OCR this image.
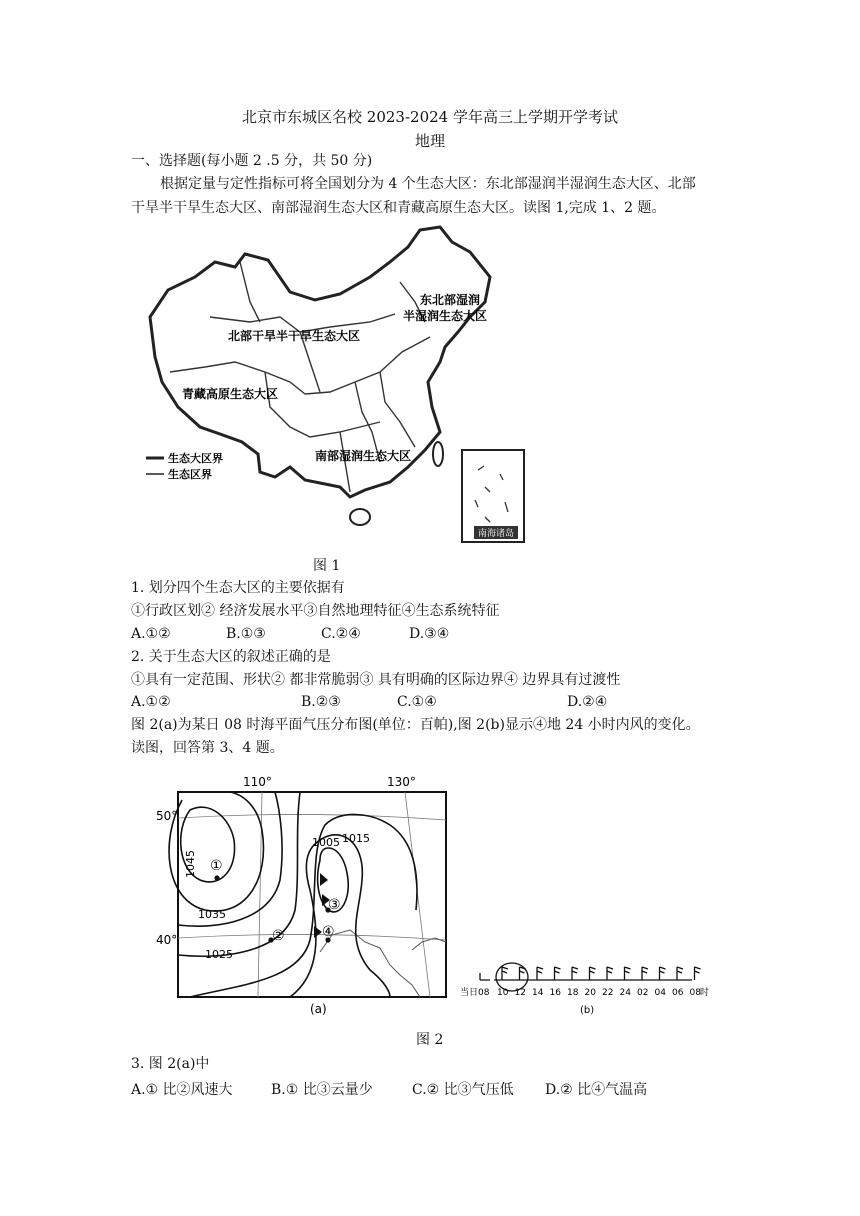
北京市东城区名校 2023-2024 学年高三上学期开学考试
地理
一、选择题(每小题 2 .5 分，共 50 分)
根据定量与定性指标可将全国划分为 4 个生态大区：东北部湿润半湿润生态大区、北部
干旱半干旱生态大区、南部湿润生态大区和青藏高原生态大区。读图 1,完成 1、2 题。
东北部湿润
半湿润生态大区
北部干旱半干旱生态大区
青藏高原生态大区
南部湿润生态大区
生态大区界
生态区界
南海诸岛
图 1
1. 划分四个生态大区的主要依据有
①行政区划② 经济发展水平③自然地理特征④生态系统特征
A.①②	B.①③	C.②④	D.③④
2. 关于生态大区的叙述正确的是
①具有一定范围、形状② 都非常脆弱③ 具有明确的区际边界④ 边界具有过渡性
A.①②	B.②③	C.①④	D.②④
图 2(a)为某日 08 时海平面气压分布图(单位：百帕),图 2(b)显示④地 24 小时内风的变化。
读图，回答第 3、4 题。
110°	130°
50°
40°
1045
1035
1025
1015
1005
①
②
③
④
(a)
当日08 10 12 14 16 18 20 22 24 02 04 06 08 时
(b)
图 2
3. 图 2(a)中
A.① 比②风速大	B.① 比③云量少	C.② 比③气压低 D.② 比④气温高
